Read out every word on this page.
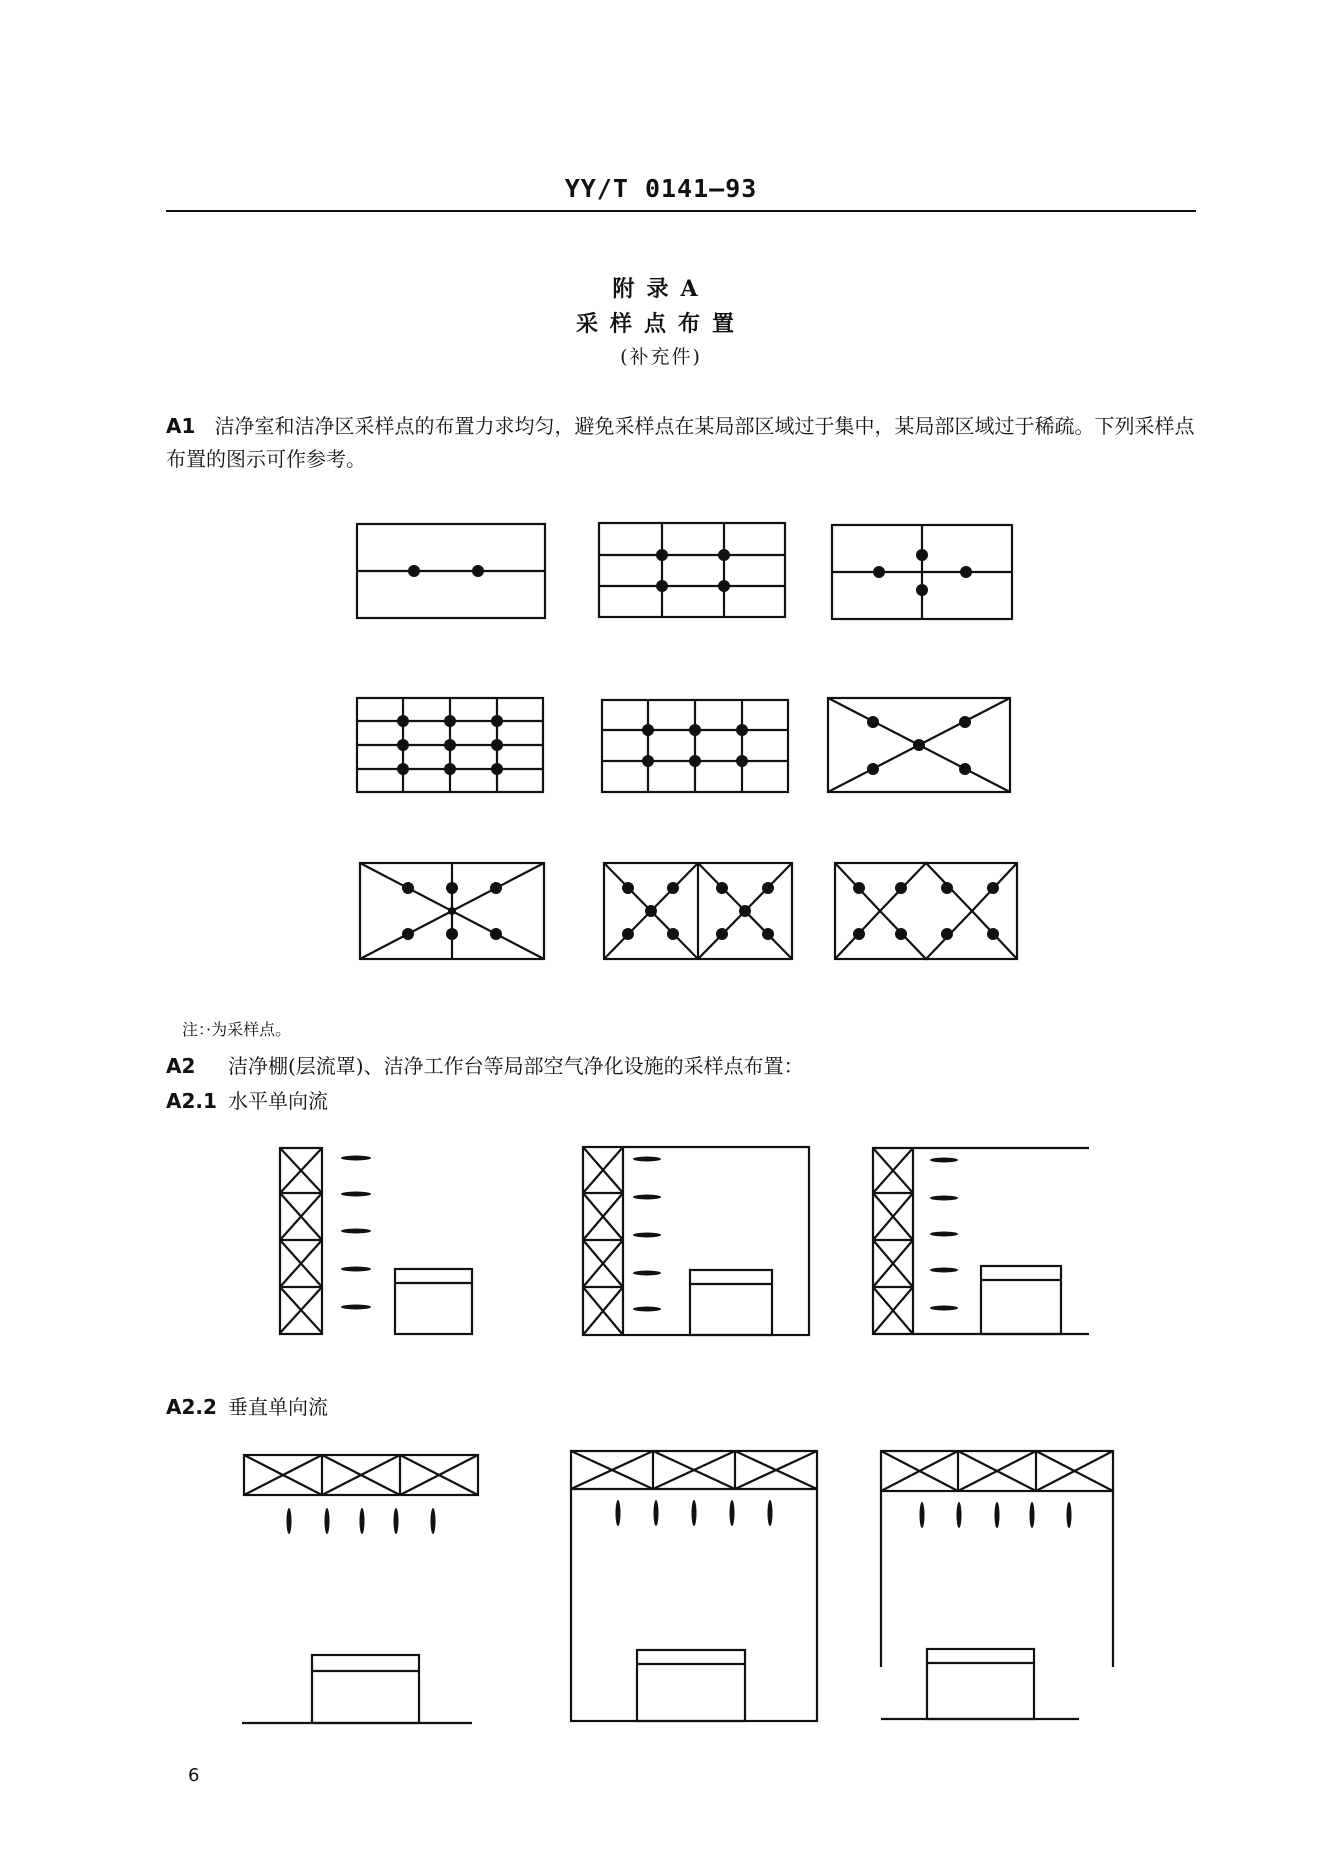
YY/T 0141—93
附录A
采样点布置
(补充件)
A1 洁净室和洁净区采样点的布置力求均匀，避免采样点在某局部区域过于集中，某局部区域过于稀疏。下列采样点布置的图示可作参考。
注：·为采样点。
A2 洁净棚(层流罩)、洁净工作台等局部空气净化设施的采样点布置：
A2.1 水平单向流
A2.2 垂直单向流
6
